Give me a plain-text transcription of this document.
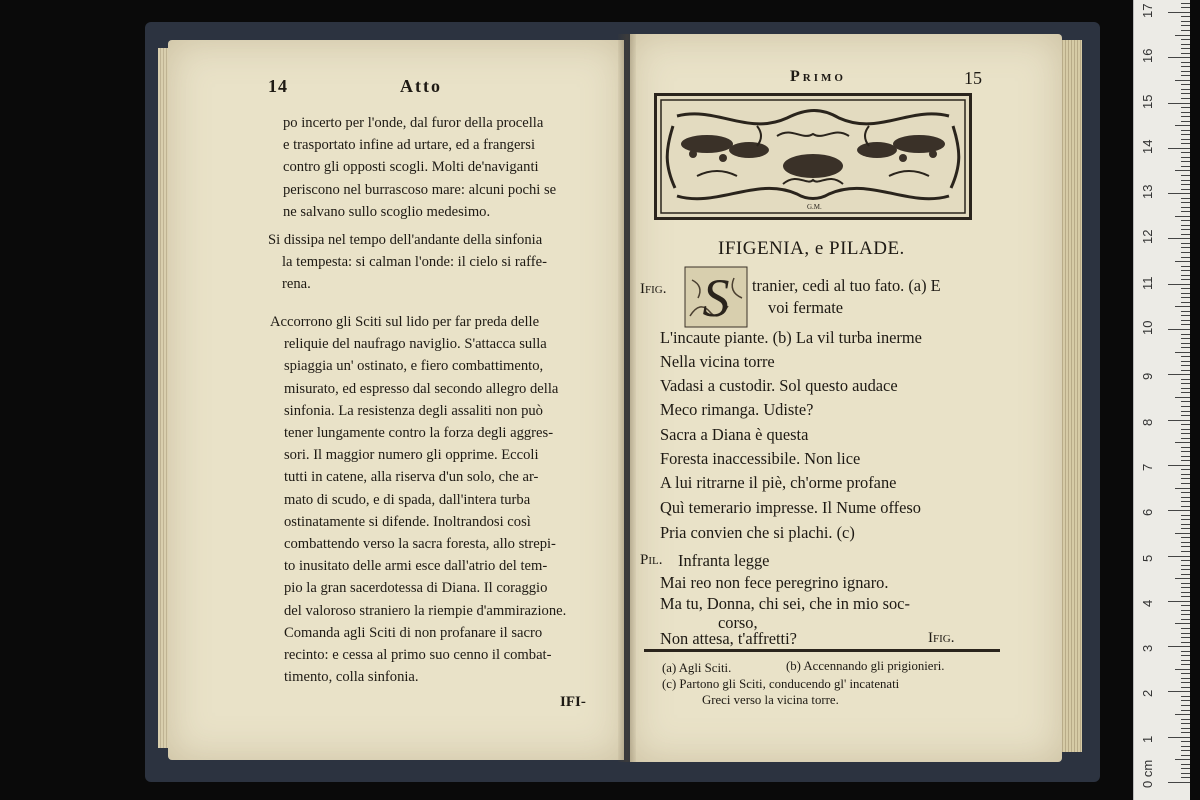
14	Atto
po incerto per l'onde, dal furor della procella
e trasportato infine ad urtare, ed a frangersi
contro gli opposti scogli. Molti de'naviganti
periscono nel burrascoso mare: alcuni pochi se
ne salvano sullo scoglio medesimo.
Si dissipa nel tempo dell'andante della sinfonia
la tempesta: si calman l'onde: il cielo si raffe-
rena.
Accorrono gli Sciti sul lido per far preda delle
reliquie del naufrago naviglio. S'attacca sulla
spiaggia un' ostinato, e fiero combattimento,
misurato, ed espresso dal secondo allegro della
sinfonia. La resistenza degli assaliti non può
tener lungamente contro la forza degli aggres-
sori. Il maggior numero gli opprime. Eccoli
tutti in catene, alla riserva d'un solo, che ar-
mato di scudo, e di spada, dall'intera turba
ostinatamente si difende. Inoltrandosi così
combattendo verso la sacra foresta, allo strepi-
to inusitato delle armi esce dall'atrio del tem-
pio la gran sacerdotessa di Diana. Il coraggio
del valoroso straniero la riempie d'ammirazione.
Comanda agli Sciti di non profanare il sacro
recinto: e cessa al primo suo cenno il combat-
timento, colla sinfonia.
IFI-
Primo	15
G.M.
IFIGENIA, e PILADE.
Ifig. S tranier, cedi al tuo fato. (a) E
voi fermate
L'incaute piante. (b) La vil turba inerme
Nella vicina torre
Vadasi a custodir. Sol questo audace
Meco rimanga. Udiste?
Sacra a Diana è questa
Foresta inaccessibile. Non lice
A lui ritrarne il piè, ch'orme profane
Quì temerario impresse. Il Nume offeso
Pria convien che si plachi. (c)
Pil. Infranta legge
Mai reo non fece peregrino ignaro.
Ma tu, Donna, chi sei, che in mio soc-
corso,
Non attesa, t'affretti?	Ifig.
(a) Agli Sciti.	(b) Accennando gli prigionieri.
(c) Partono gli Sciti, conducendo gl' incatenati
Greci verso la vicina torre.
0 cm
1
2
3
4
5
6
7
8
9
10
11
12
13
14
15
16
17
